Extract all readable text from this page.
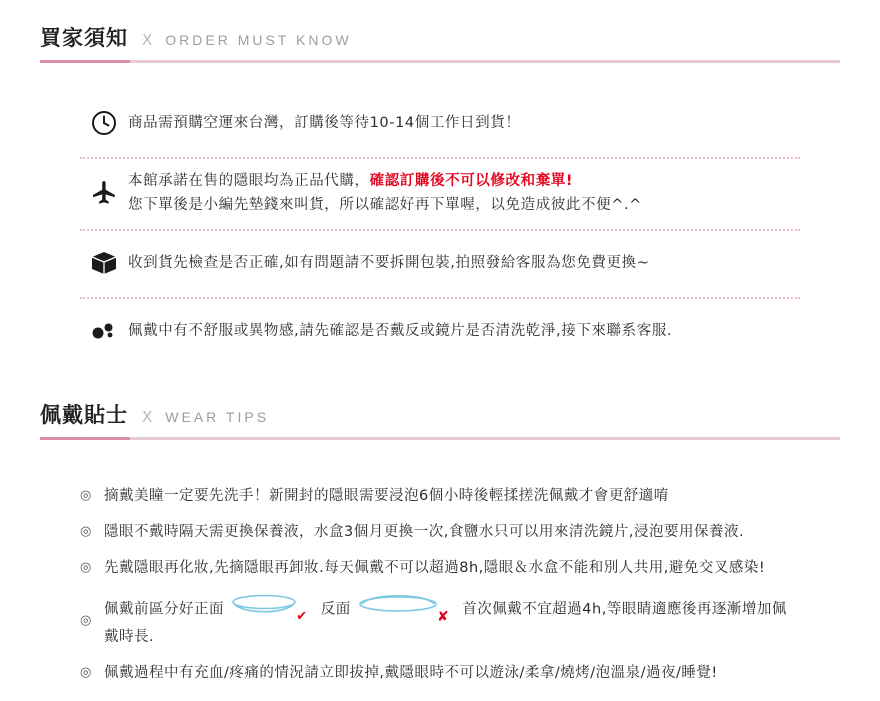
買家須知 X ORDER MUST KNOW
商品需預購空運來台灣，訂購後等待10-14個工作日到貨！
本館承諾在售的隱眼均為正品代購，確認訂購後不可以修改和棄單!
您下單後是小編先墊錢來叫貨，所以確認好再下單喔，以免造成彼此不便^.^
收到貨先檢查是否正確,如有問題請不要拆開包裝,拍照發給客服為您免費更換~
佩戴中有不舒服或異物感,請先確認是否戴反或鏡片是否清洗乾淨,接下來聯系客服.
佩戴貼士 X WEAR TIPS
◎ 摘戴美瞳一定要先洗手！新開封的隱眼需要浸泡6個小時後輕揉搓洗佩戴才會更舒適唷
◎ 隱眼不戴時隔天需更換保養液，水盒3個月更換一次,食鹽水只可以用來清洗鏡片,浸泡要用保養液.
◎ 先戴隱眼再化妝,先摘隱眼再卸妝.每天佩戴不可以超過8h,隱眼＆水盒不能和別人共用,避免交叉感染!
◎
佩戴前區分好正面	✔ 反面	✘ 首次佩戴不宜超過4h,等眼睛適應後再逐漸增加佩戴時長.
◎ 佩戴過程中有充血/疼痛的情況請立即拔掉,戴隱眼時不可以遊泳/柔拿/燒烤/泡溫泉/過夜/睡覺!
